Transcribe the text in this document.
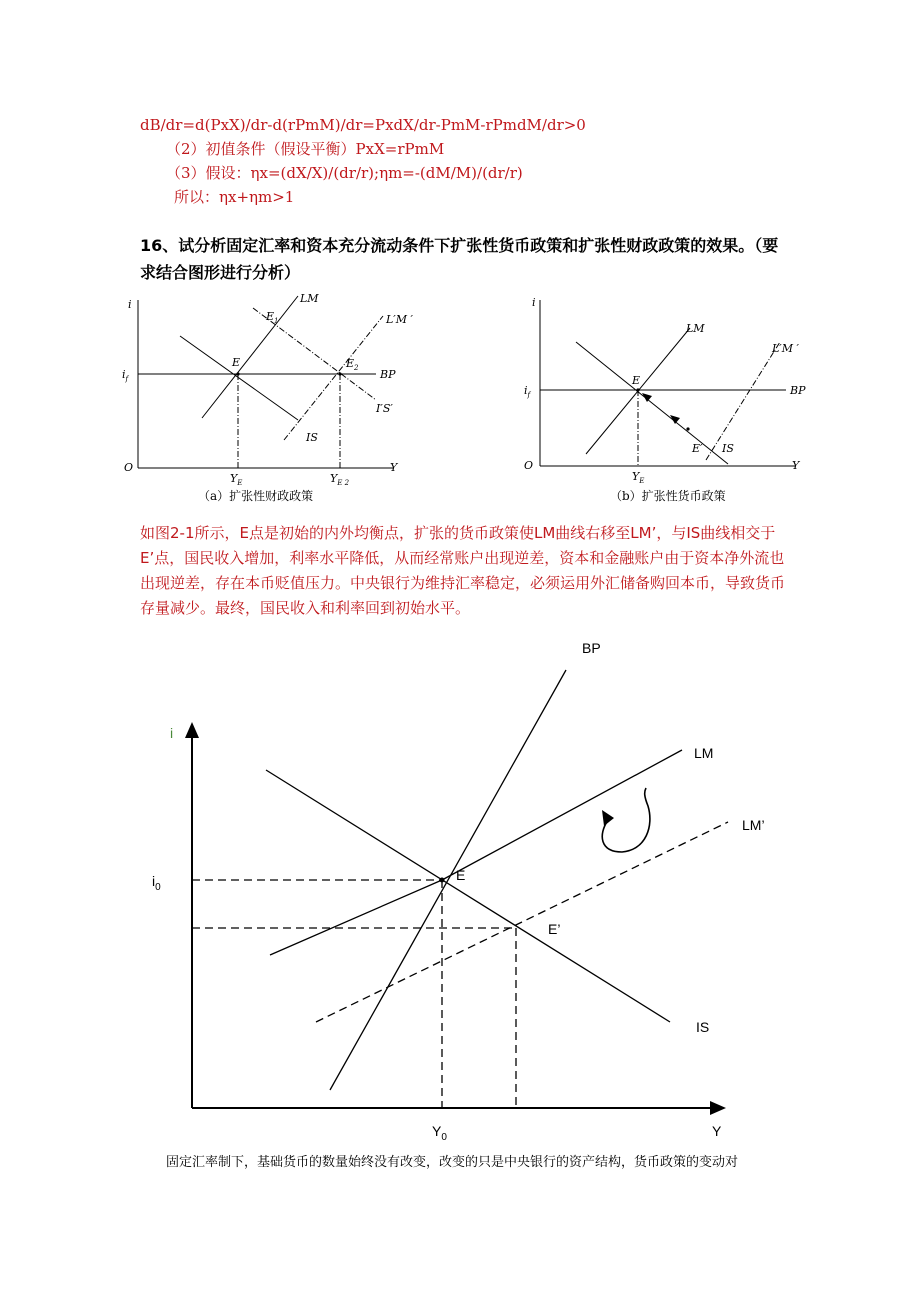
dB/dr=d(PxX)/dr-d(rPmM)/dr=PxdX/dr-PmM-rPmdM/dr>0
（2）初值条件（假设平衡）PxX=rPmM
（3）假设：ηx=(dX/X)/(dr/r);ηm=-(dM/M)/(dr/r)
所以：ηx+ηm>1
16、试分析固定汇率和资本充分流动条件下扩张性货币政策和扩张性财政政策的效果。（要求结合图形进行分析）
i
O	Y
$i_f$
LM
L′M ′
BP
IS
I′S′
E
$E_1$
$E_2$
$Y_E$	$Y_{E 2}$
（a）扩张性财政政策
i
O	Y
$i_f$
LM
L′M ′
BP
IS
E
E′
$Y_E$
（b）扩张性货币政策
如图2-1所示，E点是初始的内外均衡点，扩张的货币政策使LM曲线右移至LM’，与IS曲线相交于E’点，国民收入增加，利率水平降低，从而经常账户出现逆差，资本和金融账户由于资本净外流也出现逆差，存在本币贬值压力。中央银行为维持汇率稳定，必须运用外汇储备购回本币，导致货币存量减少。最终，国民收入和利率回到初始水平。
i
BP
LM
LM’
IS
E
E’
$i_0$
$Y_0$	Y
固定汇率制下，基础货币的数量始终没有改变，改变的只是中央银行的资产结构，货币政策的变动对
